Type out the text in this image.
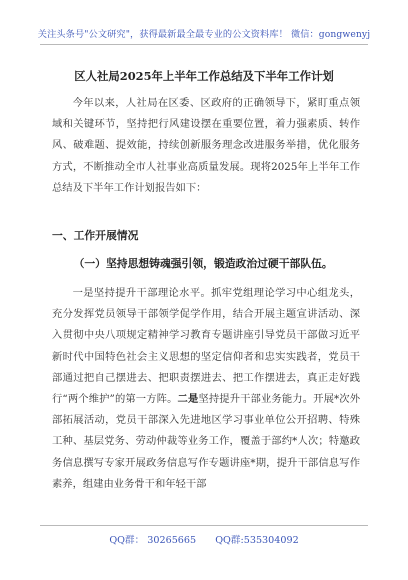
关注头条号"公文研究"，获得最新最全最专业的公文资料库！ 微信：gongwenyj
区人社局2025年上半年工作总结及下半年工作计划

今年以来，人社局在区委、区政府的正确领导下，紧盯重点领域和关键环节，坚持把行风建设摆在重要位置，着力强素质、转作风、破难题、提效能，持续创新服务理念改进服务举措，优化服务方式，不断推动全市人社事业高质量发展。现将2025年上半年工作总结及下半年工作计划报告如下：

一、工作开展情况
（一）坚持思想铸魂强引领，锻造政治过硬干部队伍。

一是坚持提升干部理论水平。抓牢党组理论学习中心组龙头，充分发挥党员领导干部领学促学作用，结合开展主题宣讲活动、深入贯彻中央八项规定精神学习教育专题讲座引导党员干部做习近平新时代中国特色社会主义思想的坚定信仰者和忠实实践者，党员干部通过把自己摆进去、把职责摆进去、把工作摆进去，真正走好践行“两个维护”的第一方阵。二是坚持提升干部业务能力。开展*次外部拓展活动，党员干部深入先进地区学习事业单位公开招聘、特殊工种、基层党务、劳动仲裁等业务工作，覆盖于部约*人次；特邀政务信息撰写专家开展政务信息写作专题讲座*期，提升干部信息写作素养，组建由业务骨干和年轻干部

QQ群： 30265665 QQ群:535304092
